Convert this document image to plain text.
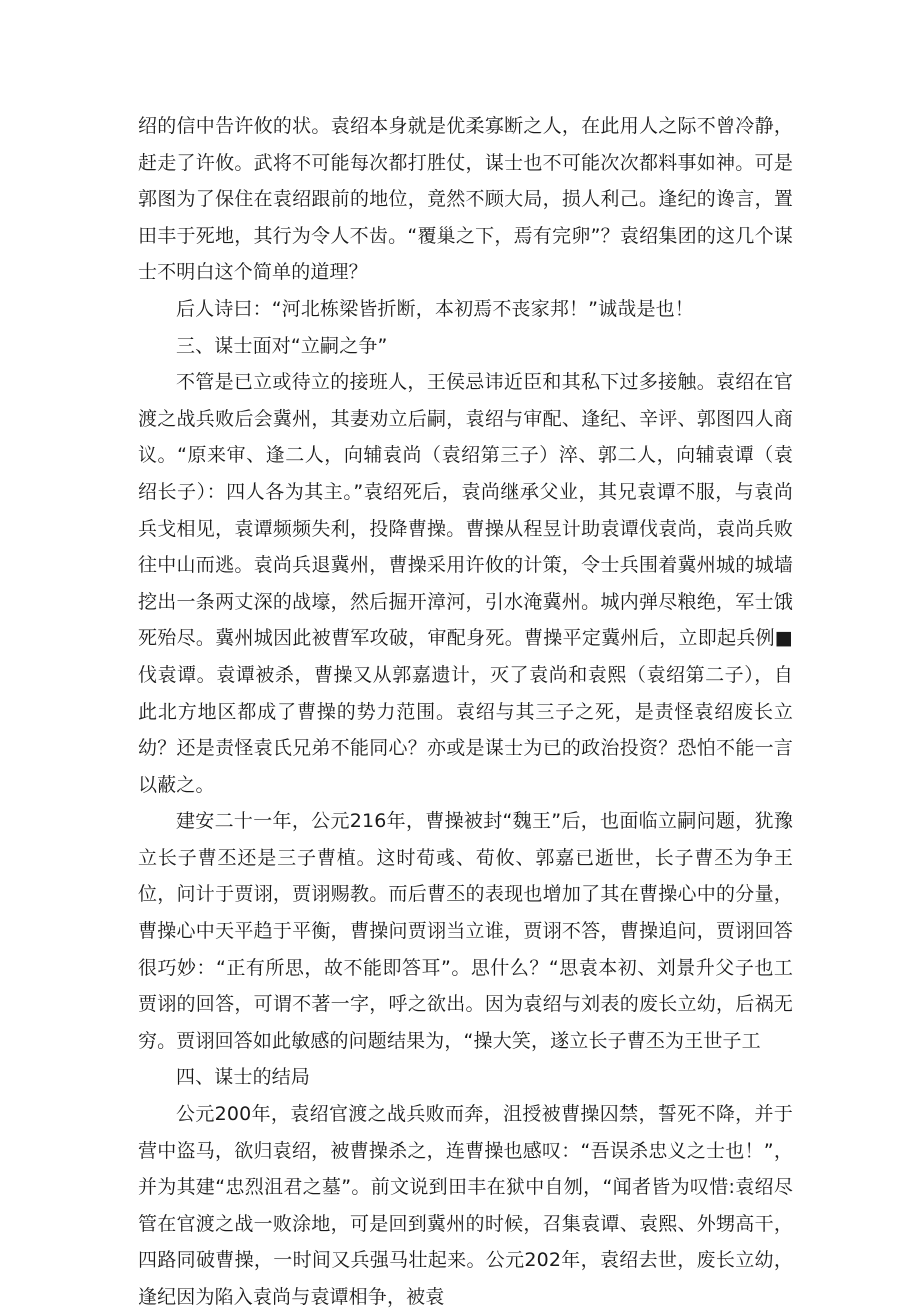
绍的信中告许攸的状。袁绍本身就是优柔寡断之人，在此用人之际不曾冷静，赶走了许攸。武将不可能每次都打胜仗，谋士也不可能次次都料事如神。可是郭图为了保住在袁绍跟前的地位，竟然不顾大局，损人利己。逢纪的谗言，置田丰于死地，其行为令人不齿。“覆巢之下，焉有完卵”？袁绍集团的这几个谋士不明白这个简单的道理？

后人诗曰：“河北栋梁皆折断，本初焉不丧家邦！”诚哉是也！

三、谋士面对“立嗣之争”

不管是已立或待立的接班人，王侯忌讳近臣和其私下过多接触。袁绍在官渡之战兵败后会冀州，其妻劝立后嗣，袁绍与审配、逢纪、辛评、郭图四人商议。“原来审、逢二人，向辅袁尚（袁绍第三子）淬、郭二人，向辅袁谭（袁绍长子）：四人各为其主。”袁绍死后，袁尚继承父业，其兄袁谭不服，与袁尚兵戈相见，袁谭频频失利，投降曹操。曹操从程昱计助袁谭伐袁尚，袁尚兵败往中山而逃。袁尚兵退冀州，曹操采用许攸的计策，令士兵围着冀州城的城墙挖出一条两丈深的战壕，然后掘开漳河，引水淹冀州。城内弹尽粮绝，军士饿死殆尽。冀州城因此被曹军攻破，审配身死。曹操平定冀州后，立即起兵例■伐袁谭。袁谭被杀，曹操又从郭嘉遗计，灭了袁尚和袁熙（袁绍第二子），自此北方地区都成了曹操的势力范围。袁绍与其三子之死，是责怪袁绍废长立幼？还是责怪袁氏兄弟不能同心？亦或是谋士为已的政治投资？恐怕不能一言以蔽之。

建安二十一年，公元216年，曹操被封“魏王”后，也面临立嗣问题，犹豫立长子曹丕还是三子曹植。这时荀彧、荀攸、郭嘉已逝世，长子曹丕为争王位，问计于贾诩，贾诩赐教。而后曹丕的表现也增加了其在曹操心中的分量，曹操心中天平趋于平衡，曹操问贾诩当立谁，贾诩不答，曹操追问，贾诩回答很巧妙：“正有所思，故不能即答耳”。思什么？“思袁本初、刘景升父子也工贾诩的回答，可谓不著一字，呼之欲出。因为袁绍与刘表的废长立幼，后祸无穷。贾诩回答如此敏感的问题结果为，“操大笑，遂立长子曹丕为王世子工

四、谋士的结局

公元200年，袁绍官渡之战兵败而奔，沮授被曹操囚禁，誓死不降，并于营中盗马，欲归袁绍，被曹操杀之，连曹操也感叹：“吾误杀忠义之士也！”，并为其建“忠烈沮君之墓”。前文说到田丰在狱中自刎，“闻者皆为叹惜:袁绍尽管在官渡之战一败涂地，可是回到冀州的时候，召集袁谭、袁熙、外甥高干，四路同破曹操，一时间又兵强马壮起来。公元202年，袁绍去世，废长立幼，逢纪因为陷入袁尚与袁谭相争，被袁
